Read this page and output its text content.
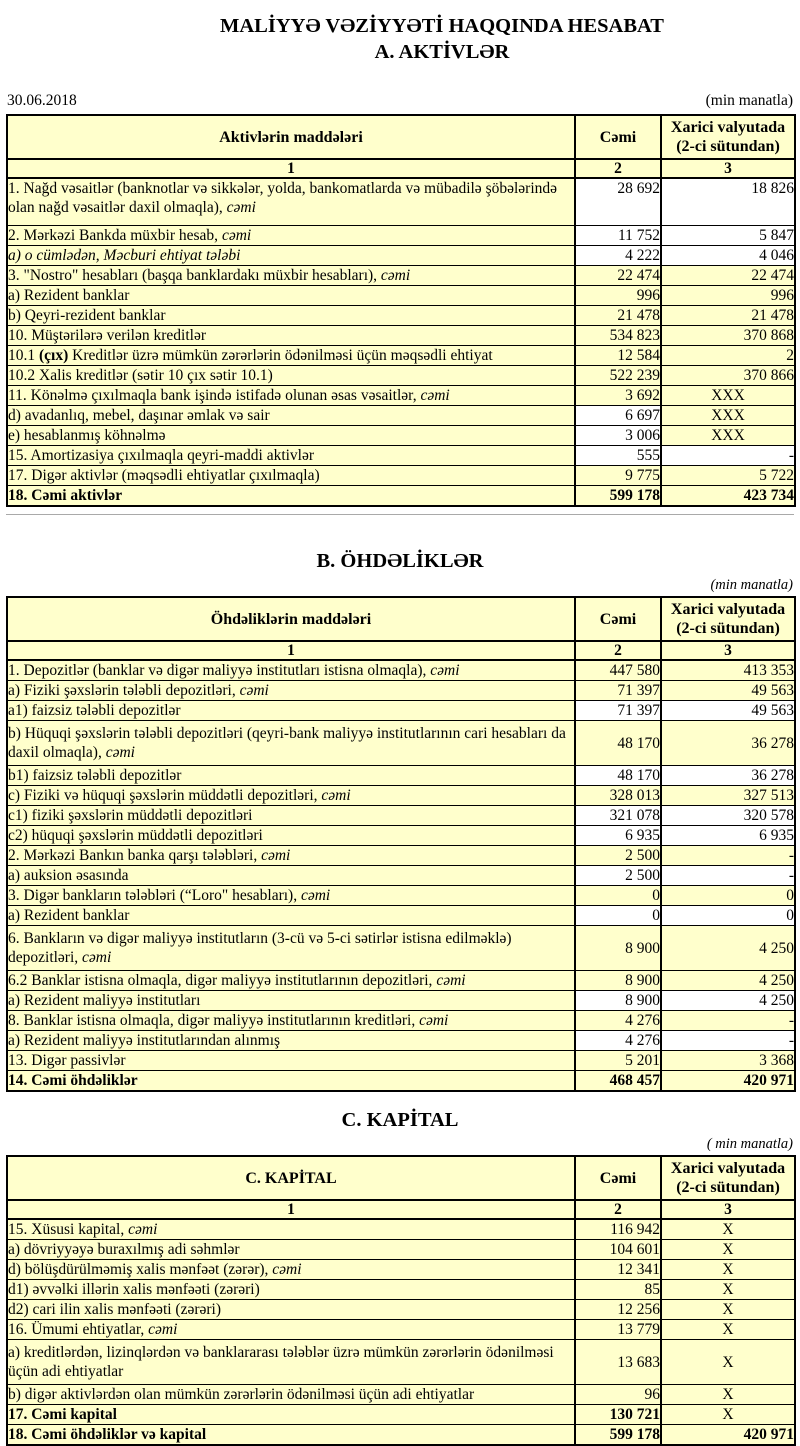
MALİYYƏ VƏZİYYƏTİ HAQQINDA HESABAT
A. AKTİVLƏR
30.06.2018	(min manatla)
Aktivlərin maddələri	Cəmi	Xarici valyutada (2-ci sütundan)
1	2	3
1. Nağd vəsaitlər (banknotlar və sikkələr, yolda, bankomatlarda və mübadilə şöbələrində olan nağd vəsaitlər daxil olmaqla), cəmi	28 692	18 826
2. Mərkəzi Bankda müxbir hesab, cəmi	11 752	5 847
a) o cümlədən, Məcburi ehtiyat tələbi	4 222	4 046
3. "Nostro" hesabları (başqa banklardakı müxbir hesabları), cəmi	22 474	22 474
a) Rezident banklar	996	996
b) Qeyri-rezident banklar	21 478	21 478
10. Müştərilərə verilən kreditlər	534 823	370 868
10.1 (çıx) Kreditlər üzrə mümkün zərərlərin ödənilməsi üçün məqsədli ehtiyat	12 584	2
10.2 Xalis kreditlər (sətir 10 çıx sətir 10.1)	522 239	370 866
11. Könəlmə çıxılmaqla bank işində istifadə olunan əsas vəsaitlər, cəmi	3 692	XXX
d) avadanlıq, mebel, daşınar əmlak və sair	6 697	XXX
e) hesablanmış köhnəlmə	3 006	XXX
15. Amortizasiya çıxılmaqla qeyri-maddi aktivlər	555	-
17. Digər aktivlər (məqsədli ehtiyatlar çıxılmaqla)	9 775	5 722
18. Cəmi aktivlər	599 178	423 734
B. ÖHDƏLİKLƏR
(min manatla)
Öhdəliklərin maddələri	Cəmi	Xarici valyutada (2-ci sütundan)
1	2	3
1. Depozitlər (banklar və digər maliyyə institutları istisna olmaqla), cəmi	447 580	413 353
a) Fiziki şəxslərin tələbli depozitləri, cəmi	71 397	49 563
a1) faizsiz tələbli depozitlər	71 397	49 563
b) Hüquqi şəxslərin tələbli depozitləri (qeyri-bank maliyyə institutlarının cari hesabları da daxil olmaqla), cəmi	48 170	36 278
b1) faizsiz tələbli depozitlər	48 170	36 278
c) Fiziki və hüquqi şəxslərin müddətli depozitləri, cəmi	328 013	327 513
c1) fiziki şəxslərin müddətli depozitləri	321 078	320 578
c2) hüquqi şəxslərin müddətli depozitləri	6 935	6 935
2. Mərkəzi Bankın banka qarşı tələbləri, cəmi	2 500	-
a) auksion əsasında	2 500	-
3. Digər bankların tələbləri (“Loro" hesabları), cəmi	0	0
a) Rezident banklar	0	0
6. Bankların və digər maliyyə institutların (3-cü və 5-ci sətirlər istisna edilməklə) depozitləri, cəmi	8 900	4 250
6.2 Banklar istisna olmaqla, digər maliyyə institutlarının depozitləri, cəmi	8 900	4 250
a) Rezident maliyyə institutları	8 900	4 250
8. Banklar istisna olmaqla, digər maliyyə institutlarının kreditləri, cəmi	4 276	-
a) Rezident maliyyə institutlarından alınmış	4 276	-
13. Digər passivlər	5 201	3 368
14. Cəmi öhdəliklər	468 457	420 971
C. KAPİTAL
( min manatla)
C. KAPİTAL	Cəmi	Xarici valyutada (2-ci sütundan)
1	2	3
15. Xüsusi kapital, cəmi	116 942	X
a) dövriyyəyə buraxılmış adi səhmlər	104 601	X
d) bölüşdürülməmiş xalis mənfəət (zərər), cəmi	12 341	X
d1) əvvəlki illərin xalis mənfəəti (zərəri)	85	X
d2) cari ilin xalis mənfəəti (zərəri)	12 256	X
16. Ümumi ehtiyatlar, cəmi	13 779	X
a) kreditlərdən, lizinqlərdən və banklararası tələblər üzrə mümkün zərərlərin ödənilməsi üçün adi ehtiyatlar	13 683	X
b) digər aktivlərdən olan mümkün zərərlərin ödənilməsi üçün adi ehtiyatlar	96	X
17. Cəmi kapital	130 721	X
18. Cəmi öhdəliklər və kapital	599 178	420 971
